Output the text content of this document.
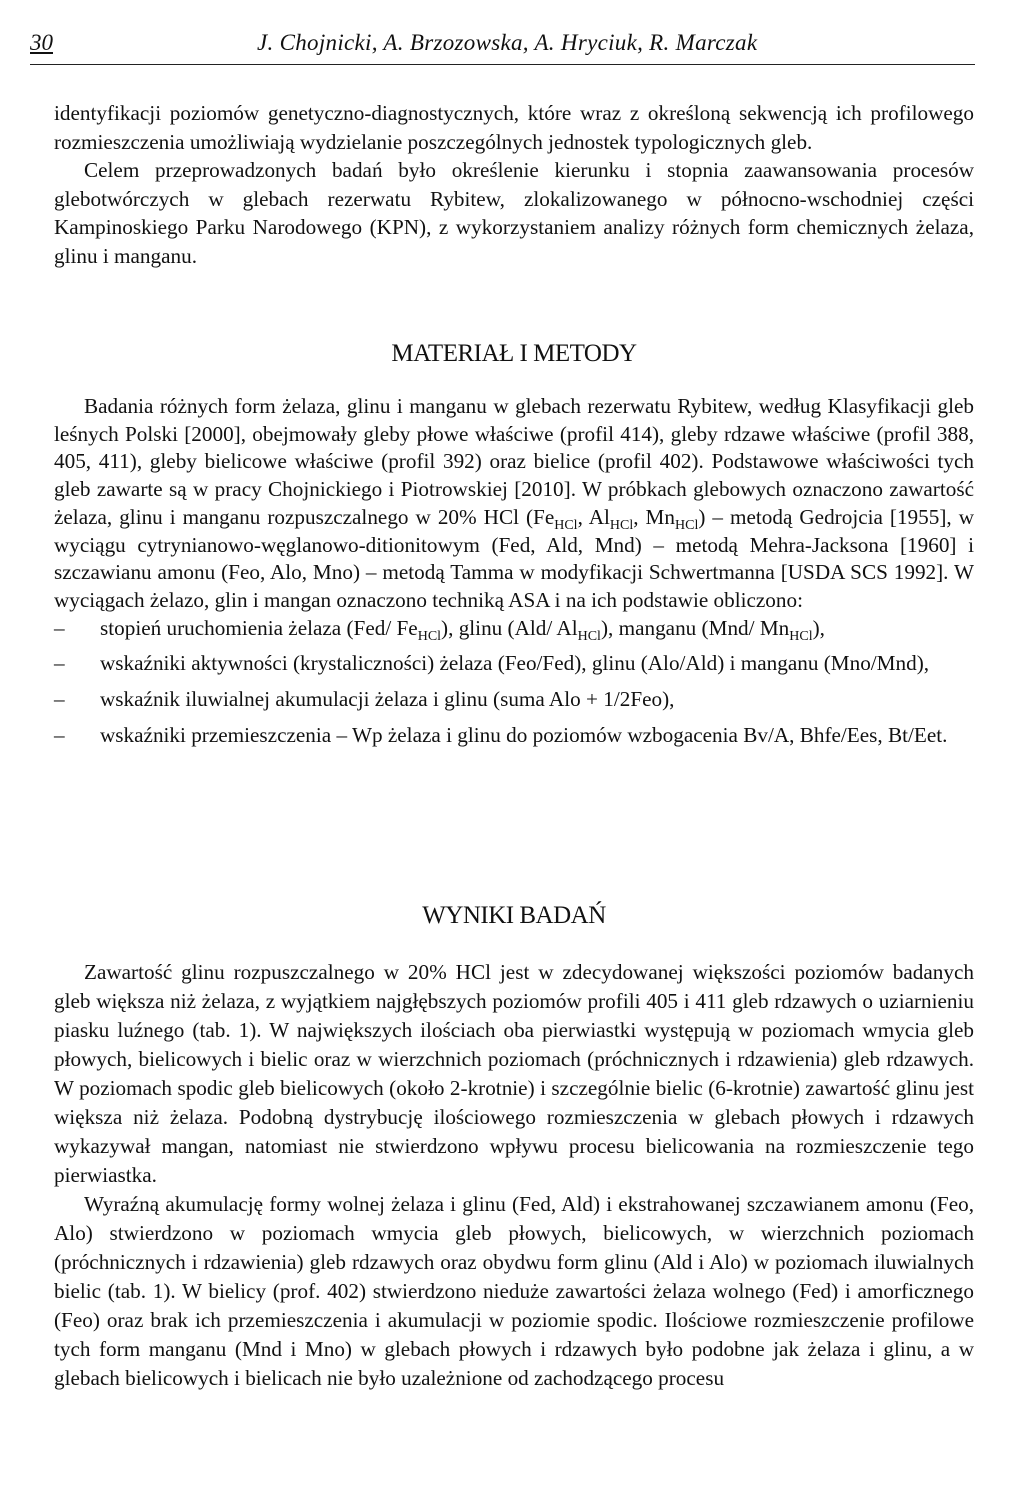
30	J. Chojnicki, A. Brzozowska, A. Hryciuk, R. Marczak

identyfikacji poziomów genetyczno-diagnostycznych, które wraz z określoną sekwencją ich profilowego rozmieszczenia umożliwiają wydzielanie poszczególnych jednostek typologicznych gleb.

Celem przeprowadzonych badań było określenie kierunku i stopnia zaawansowania procesów glebotwórczych w glebach rezerwatu Rybitew, zlokalizowanego w północno-wschodniej części Kampinoskiego Parku Narodowego (KPN), z wykorzystaniem analizy różnych form chemicznych żelaza, glinu i manganu.

MATERIAŁ I METODY

Badania różnych form żelaza, glinu i manganu w glebach rezerwatu Rybitew, według Klasyfikacji gleb leśnych Polski [2000], obejmowały gleby płowe właściwe (profil 414), gleby rdzawe właściwe (profil 388, 405, 411), gleby bielicowe właściwe (profil 392) oraz bielice (profil 402). Podstawowe właściwości tych gleb zawarte są w pracy Chojnickiego i Piotrowskiej [2010]. W próbkach glebowych oznaczono zawartość żelaza, glinu i manganu rozpuszczalnego w 20% HCl ($Fe_{HCl}$, $Al_{HCl}$, $Mn_{HCl}$) – metodą Gedrojcia [1955], w wyciągu cytrynianowo-węglanowo-ditionitowym (Fed, Ald, Mnd) – metodą Mehra-Jacksona [1960] i szczawianu amonu (Feo, Alo, Mno) – metodą Tamma w modyfikacji Schwertmanna [USDA SCS 1992]. W wyciągach żelazo, glin i mangan oznaczono techniką ASA i na ich podstawie obliczono:

– stopień uruchomienia żelaza (Fed/ $Fe_{HCl}$), glinu (Ald/ $Al_{HCl}$), manganu (Mnd/ $Mn_{HCl}$),
– wskaźniki aktywności (krystaliczności) żelaza (Feo/Fed), glinu (Alo/Ald) i manganu (Mno/Mnd),
– wskaźnik iluwialnej akumulacji żelaza i glinu (suma Alo + 1/2Feo),
– wskaźniki przemieszczenia – Wp żelaza i glinu do poziomów wzbogacenia Bv/A, Bhfe/Ees, Bt/Eet.
WYNIKI BADAŃ

Zawartość glinu rozpuszczalnego w 20% HCl jest w zdecydowanej większości poziomów badanych gleb większa niż żelaza, z wyjątkiem najgłębszych poziomów profili 405 i 411 gleb rdzawych o uziarnieniu piasku luźnego (tab. 1). W największych ilościach oba pierwiastki występują w poziomach wmycia gleb płowych, bielicowych i bielic oraz w wierzchnich poziomach (próchnicznych i rdzawienia) gleb rdzawych. W poziomach spodic gleb bielicowych (około 2-krotnie) i szczególnie bielic (6-krotnie) zawartość glinu jest większa niż żelaza. Podobną dystrybucję ilościowego rozmieszczenia w glebach płowych i rdzawych wykazywał mangan, natomiast nie stwierdzono wpływu procesu bielicowania na rozmieszczenie tego pierwiastka.

Wyraźną akumulację formy wolnej żelaza i glinu (Fed, Ald) i ekstrahowanej szczawianem amonu (Feo, Alo) stwierdzono w poziomach wmycia gleb płowych, bielicowych, w wierzchnich poziomach (próchnicznych i rdzawienia) gleb rdzawych oraz obydwu form glinu (Ald i Alo) w poziomach iluwialnych bielic (tab. 1). W bielicy (prof. 402) stwierdzono nieduże zawartości żelaza wolnego (Fed) i amorficznego (Feo) oraz brak ich przemieszczenia i akumulacji w poziomie spodic. Ilościowe rozmieszczenie profilowe tych form manganu (Mnd i Mno) w glebach płowych i rdzawych było podobne jak żelaza i glinu, a w glebach bielicowych i bielicach nie było uzależnione od zachodzącego procesu
